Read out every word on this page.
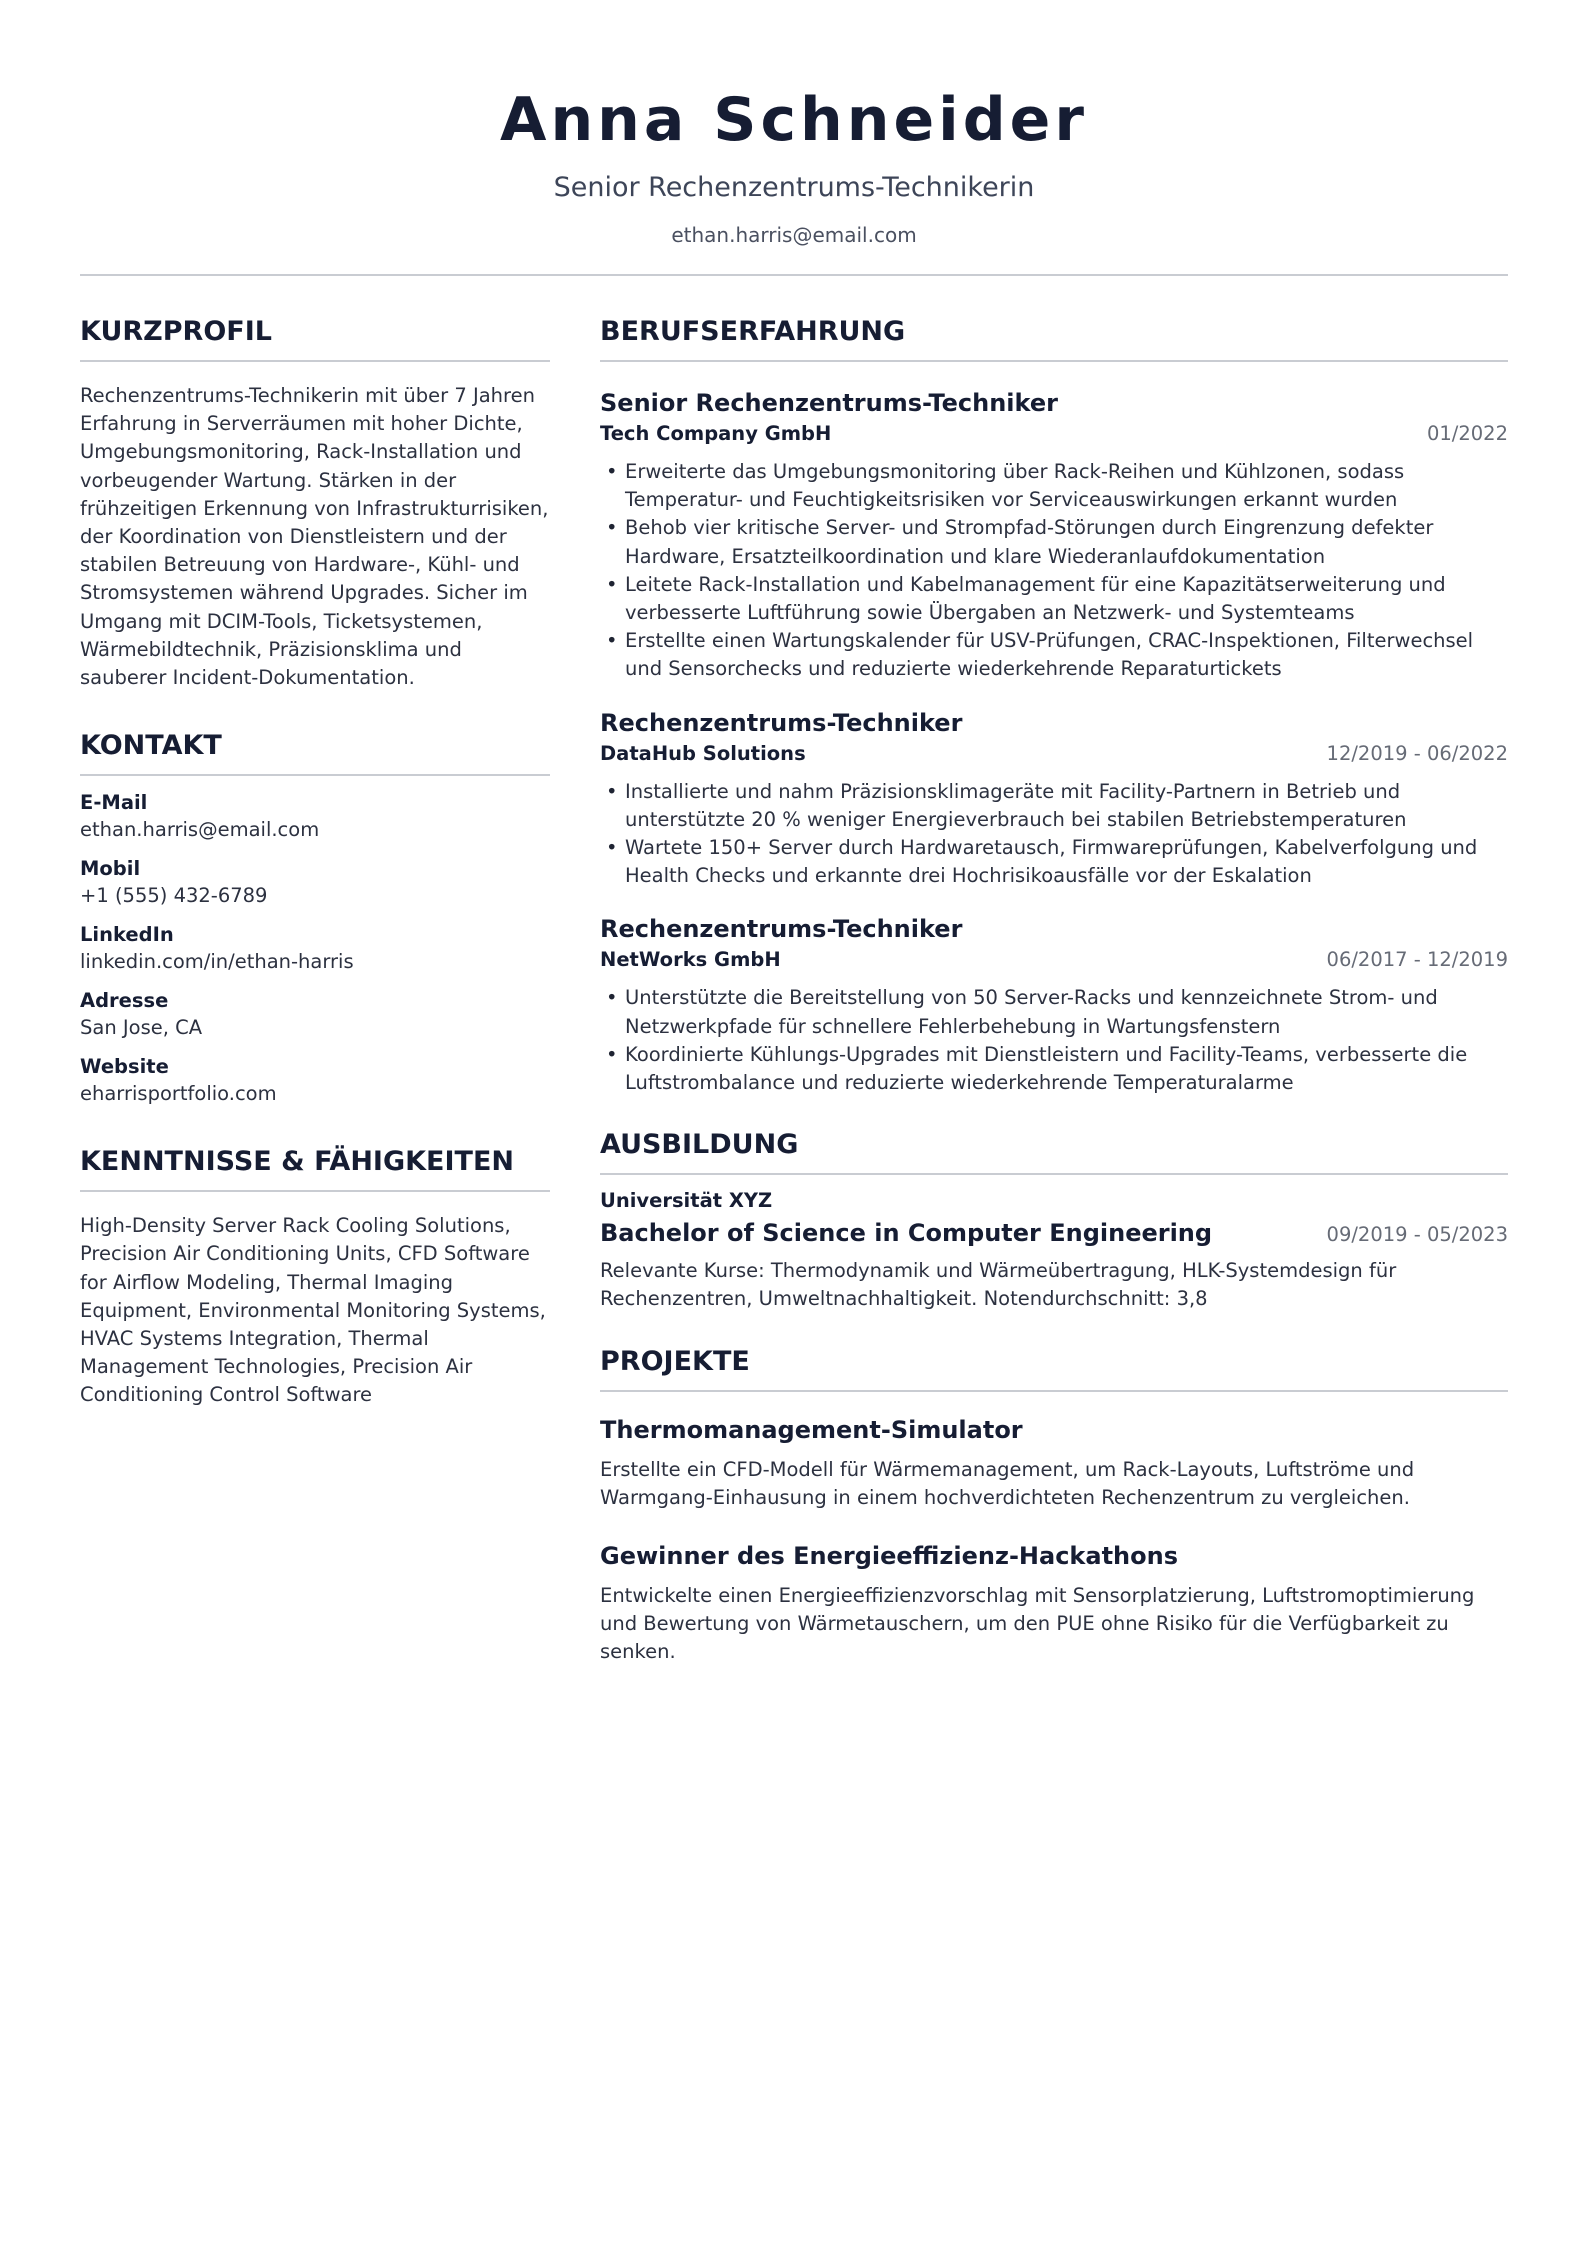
Anna Schneider
Senior Rechenzentrums-Technikerin
ethan.harris@email.com
KURZPROFIL
Rechenzentrums-Technikerin mit über 7 Jahren Erfahrung in Serverräumen mit hoher Dichte, Umgebungsmonitoring, Rack-Installation und vorbeugender Wartung. Stärken in der frühzeitigen Erkennung von Infrastrukturrisiken, der Koordination von Dienstleistern und der stabilen Betreuung von Hardware-, Kühl- und Stromsystemen während Upgrades. Sicher im Umgang mit DCIM-Tools, Ticketsystemen, Wärmebildtechnik, Präzisionsklima und sauberer Incident-Dokumentation.
KONTAKT
E-Mail
ethan.harris@email.com
Mobil
+1 (555) 432-6789
LinkedIn
linkedin.com/in/ethan-harris
Adresse
San Jose, CA
Website
eharrisportfolio.com
KENNTNISSE & FÄHIGKEITEN
High-Density Server Rack Cooling Solutions, Precision Air Conditioning Units, CFD Software for Airflow Modeling, Thermal Imaging Equipment, Environmental Monitoring Systems, HVAC Systems Integration, Thermal Management Technologies, Precision Air Conditioning Control Software
BERUFSERFAHRUNG
Senior Rechenzentrums-Techniker
Tech Company GmbH	01/2022
• Erweiterte das Umgebungsmonitoring über Rack-Reihen und Kühlzonen, sodass Temperatur- und Feuchtigkeitsrisiken vor Serviceauswirkungen erkannt wurden
• Behob vier kritische Server- und Strompfad-Störungen durch Eingrenzung defekter Hardware, Ersatzteilkoordination und klare Wiederanlaufdokumentation
• Leitete Rack-Installation und Kabelmanagement für eine Kapazitätserweiterung und verbesserte Luftführung sowie Übergaben an Netzwerk- und Systemteams
• Erstellte einen Wartungskalender für USV-Prüfungen, CRAC-Inspektionen, Filterwechsel und Sensorchecks und reduzierte wiederkehrende Reparaturtickets
Rechenzentrums-Techniker
DataHub Solutions	12/2019 - 06/2022
• Installierte und nahm Präzisionsklimageräte mit Facility-Partnern in Betrieb und unterstützte 20 % weniger Energieverbrauch bei stabilen Betriebstemperaturen
• Wartete 150+ Server durch Hardwaretausch, Firmwareprüfungen, Kabelverfolgung und Health Checks und erkannte drei Hochrisikoausfälle vor der Eskalation
Rechenzentrums-Techniker
NetWorks GmbH	06/2017 - 12/2019
• Unterstützte die Bereitstellung von 50 Server-Racks und kennzeichnete Strom- und Netzwerkpfade für schnellere Fehlerbehebung in Wartungsfenstern
• Koordinierte Kühlungs-Upgrades mit Dienstleistern und Facility-Teams, verbesserte die Luftstrombalance und reduzierte wiederkehrende Temperaturalarme
AUSBILDUNG
Universität XYZ
Bachelor of Science in Computer Engineering	09/2019 - 05/2023
Relevante Kurse: Thermodynamik und Wärmeübertragung, HLK-Systemdesign für Rechenzentren, Umweltnachhaltigkeit. Notendurchschnitt: 3,8
PROJEKTE
Thermomanagement-Simulator
Erstellte ein CFD-Modell für Wärmemanagement, um Rack-Layouts, Luftströme und Warmgang-Einhausung in einem hochverdichteten Rechenzentrum zu vergleichen.
Gewinner des Energieeffizienz-Hackathons
Entwickelte einen Energieeffizienzvorschlag mit Sensorplatzierung, Luftstromoptimierung und Bewertung von Wärmetauschern, um den PUE ohne Risiko für die Verfügbarkeit zu senken.
